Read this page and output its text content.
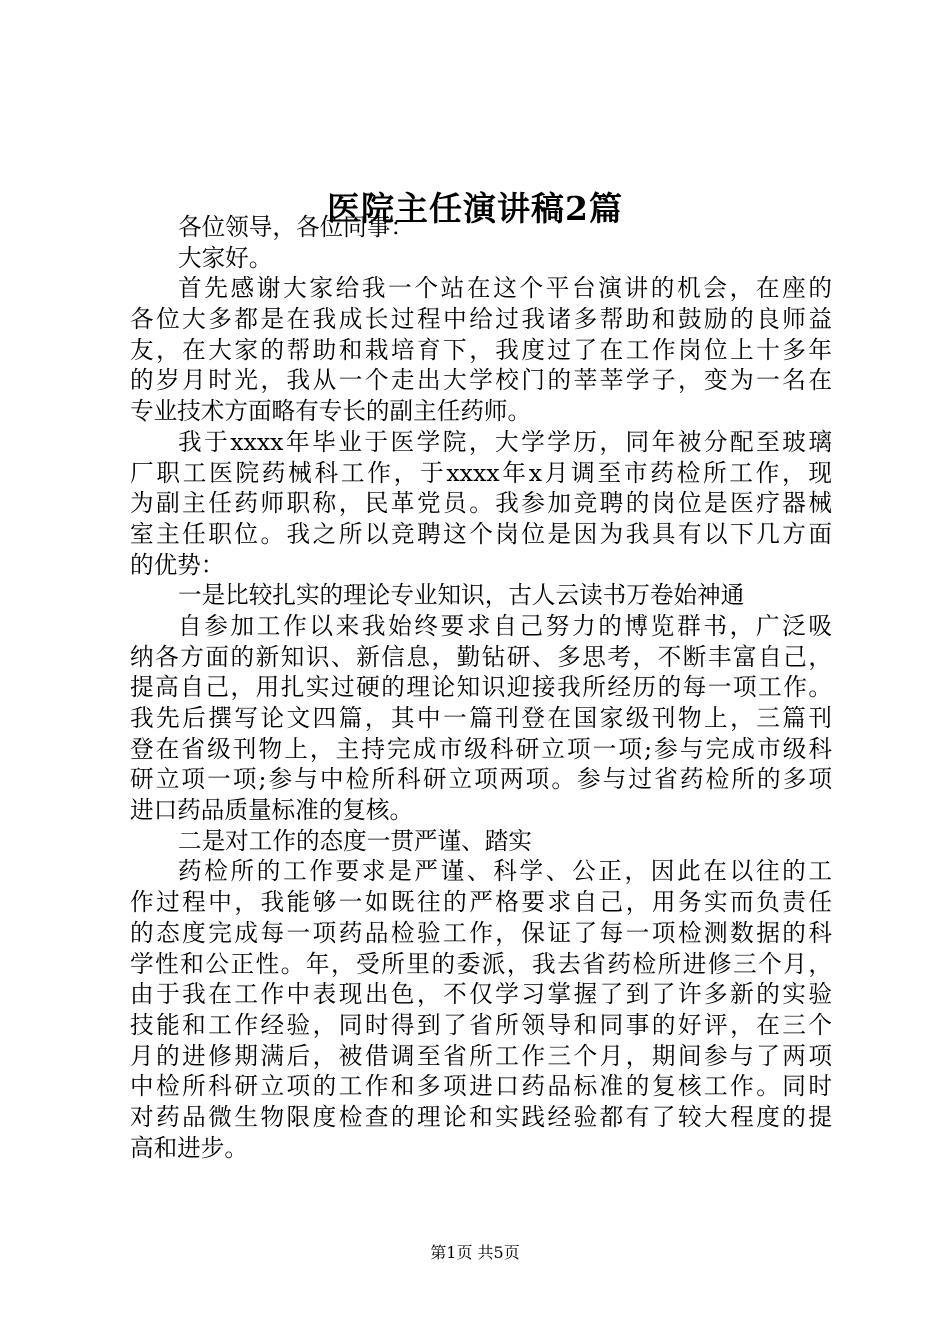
医院主任演讲稿2篇
各位领导，各位同事：
大家好。
首先感谢大家给我一个站在这个平台演讲的机会，在座的
各位大多都是在我成长过程中给过我诸多帮助和鼓励的良师益
友，在大家的帮助和栽培育下，我度过了在工作岗位上十多年
的岁月时光，我从一个走出大学校门的莘莘学子，变为一名在
专业技术方面略有专长的副主任药师。
我于xxxx年毕业于医学院，大学学历，同年被分配至玻璃
厂职工医院药械科工作，于xxxx年x月调至市药检所工作，现
为副主任药师职称，民革党员。我参加竞聘的岗位是医疗器械
室主任职位。我之所以竞聘这个岗位是因为我具有以下几方面
的优势：
一是比较扎实的理论专业知识，古人云读书万卷始神通
自参加工作以来我始终要求自己努力的博览群书，广泛吸
纳各方面的新知识、新信息，勤钻研、多思考，不断丰富自己，
提高自己，用扎实过硬的理论知识迎接我所经历的每一项工作。
我先后撰写论文四篇，其中一篇刊登在国家级刊物上，三篇刊
登在省级刊物上，主持完成市级科研立项一项;参与完成市级科
研立项一项;参与中检所科研立项两项。参与过省药检所的多项
进口药品质量标准的复核。
二是对工作的态度一贯严谨、踏实
药检所的工作要求是严谨、科学、公正，因此在以往的工
作过程中，我能够一如既往的严格要求自己，用务实而负责任
的态度完成每一项药品检验工作，保证了每一项检测数据的科
学性和公正性。年，受所里的委派，我去省药检所进修三个月，
由于我在工作中表现出色，不仅学习掌握了到了许多新的实验
技能和工作经验，同时得到了省所领导和同事的好评，在三个
月的进修期满后，被借调至省所工作三个月，期间参与了两项
中检所科研立项的工作和多项进口药品标准的复核工作。同时
对药品微生物限度检查的理论和实践经验都有了较大程度的提
高和进步。
第1页 共5页
